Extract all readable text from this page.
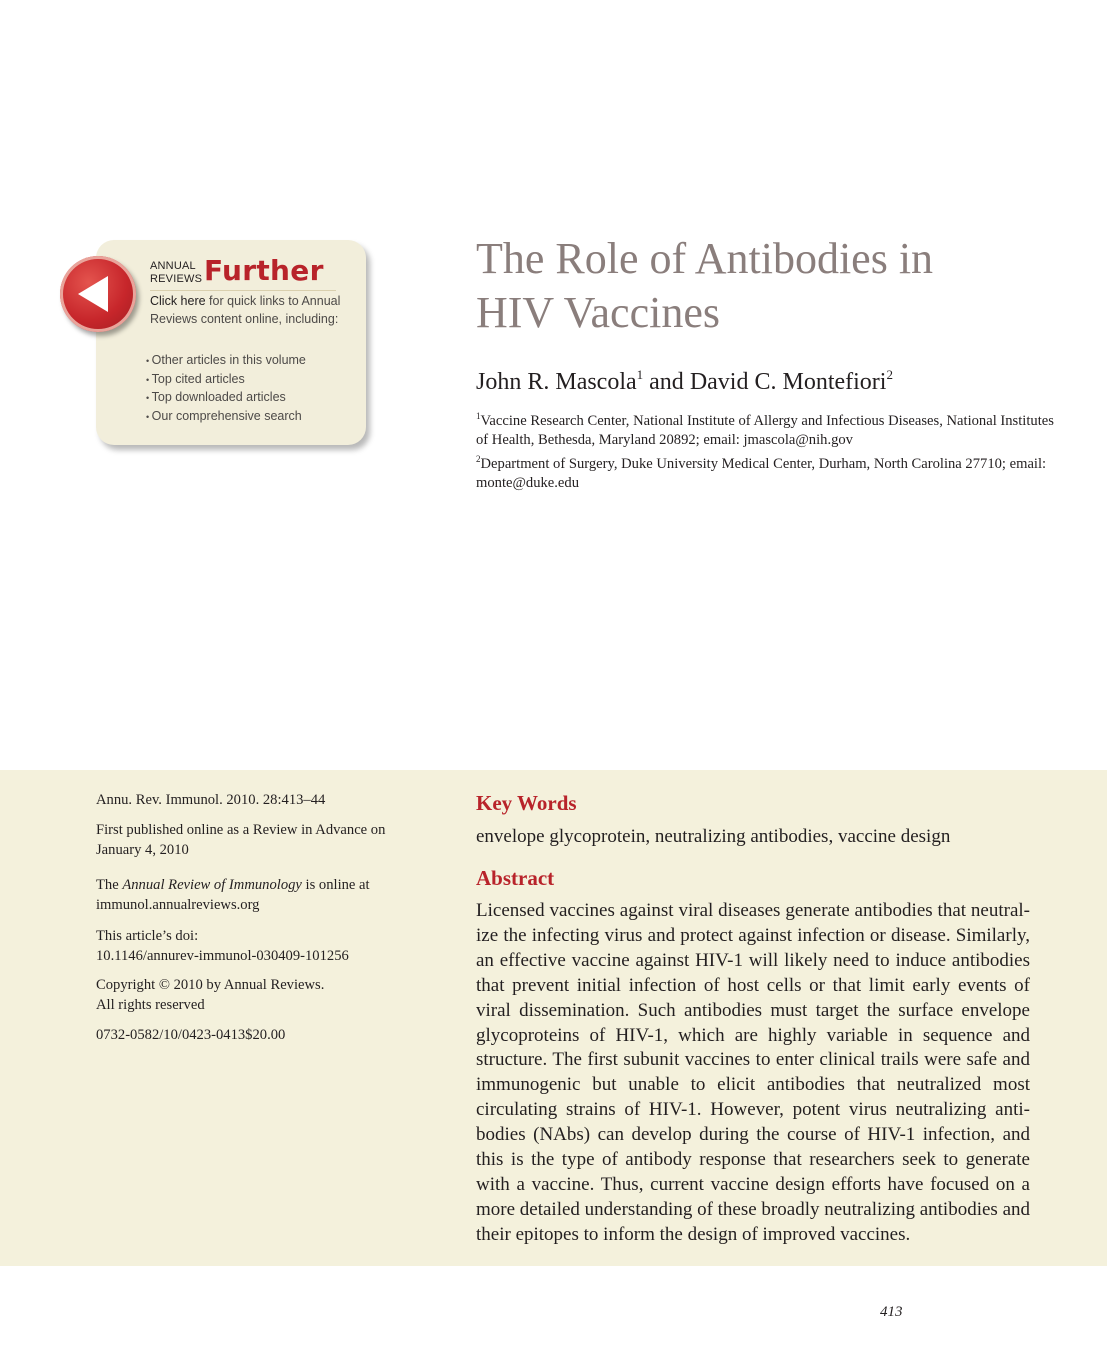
ANNUAL REVIEWS Further
Click here for quick links to Annual Reviews content online, including:
• Other articles in this volume
• Top cited articles
• Top downloaded articles
• Our comprehensive search
The Role of Antibodies in
HIV Vaccines
John R. Mascola$^1$ and David C. Montefiori$^2$
$^1$Vaccine Research Center, National Institute of Allergy and Infectious Diseases, National Institutes of Health, Bethesda, Maryland 20892; email: jmascola@nih.gov
$^2$Department of Surgery, Duke University Medical Center, Durham, North Carolina 27710; email: monte@duke.edu
Annu. Rev. Immunol. 2010. 28:413–44
First published online as a Review in Advance on January 4, 2010
The Annual Review of Immunology is online at immunol.annualreviews.org
This article’s doi:
10.1146/annurev-immunol-030409-101256
Copyright © 2010 by Annual Reviews.
All rights reserved
0732-0582/10/0423-0413$20.00
Key Words
envelope glycoprotein, neutralizing antibodies, vaccine design
Abstract
Licensed vaccines against viral diseases generate antibodies that neutralize the infecting virus and protect against infection or disease. Similarly, an effective vaccine against HIV-1 will likely need to induce antibodies that prevent initial infection of host cells or that limit early events of viral dissemination. Such antibodies must target the surface envelope glycoproteins of HIV-1, which are highly variable in sequence and structure. The first subunit vaccines to enter clinical trails were safe and immunogenic but unable to elicit antibodies that neutralized most circulating strains of HIV-1. However, potent virus neutralizing antibodies (NAbs) can develop during the course of HIV-1 infection, and this is the type of antibody response that researchers seek to generate with a vaccine. Thus, current vaccine design efforts have focused on a more detailed understanding of these broadly neutralizing antibodies and their epitopes to inform the design of improved vaccines.
413
